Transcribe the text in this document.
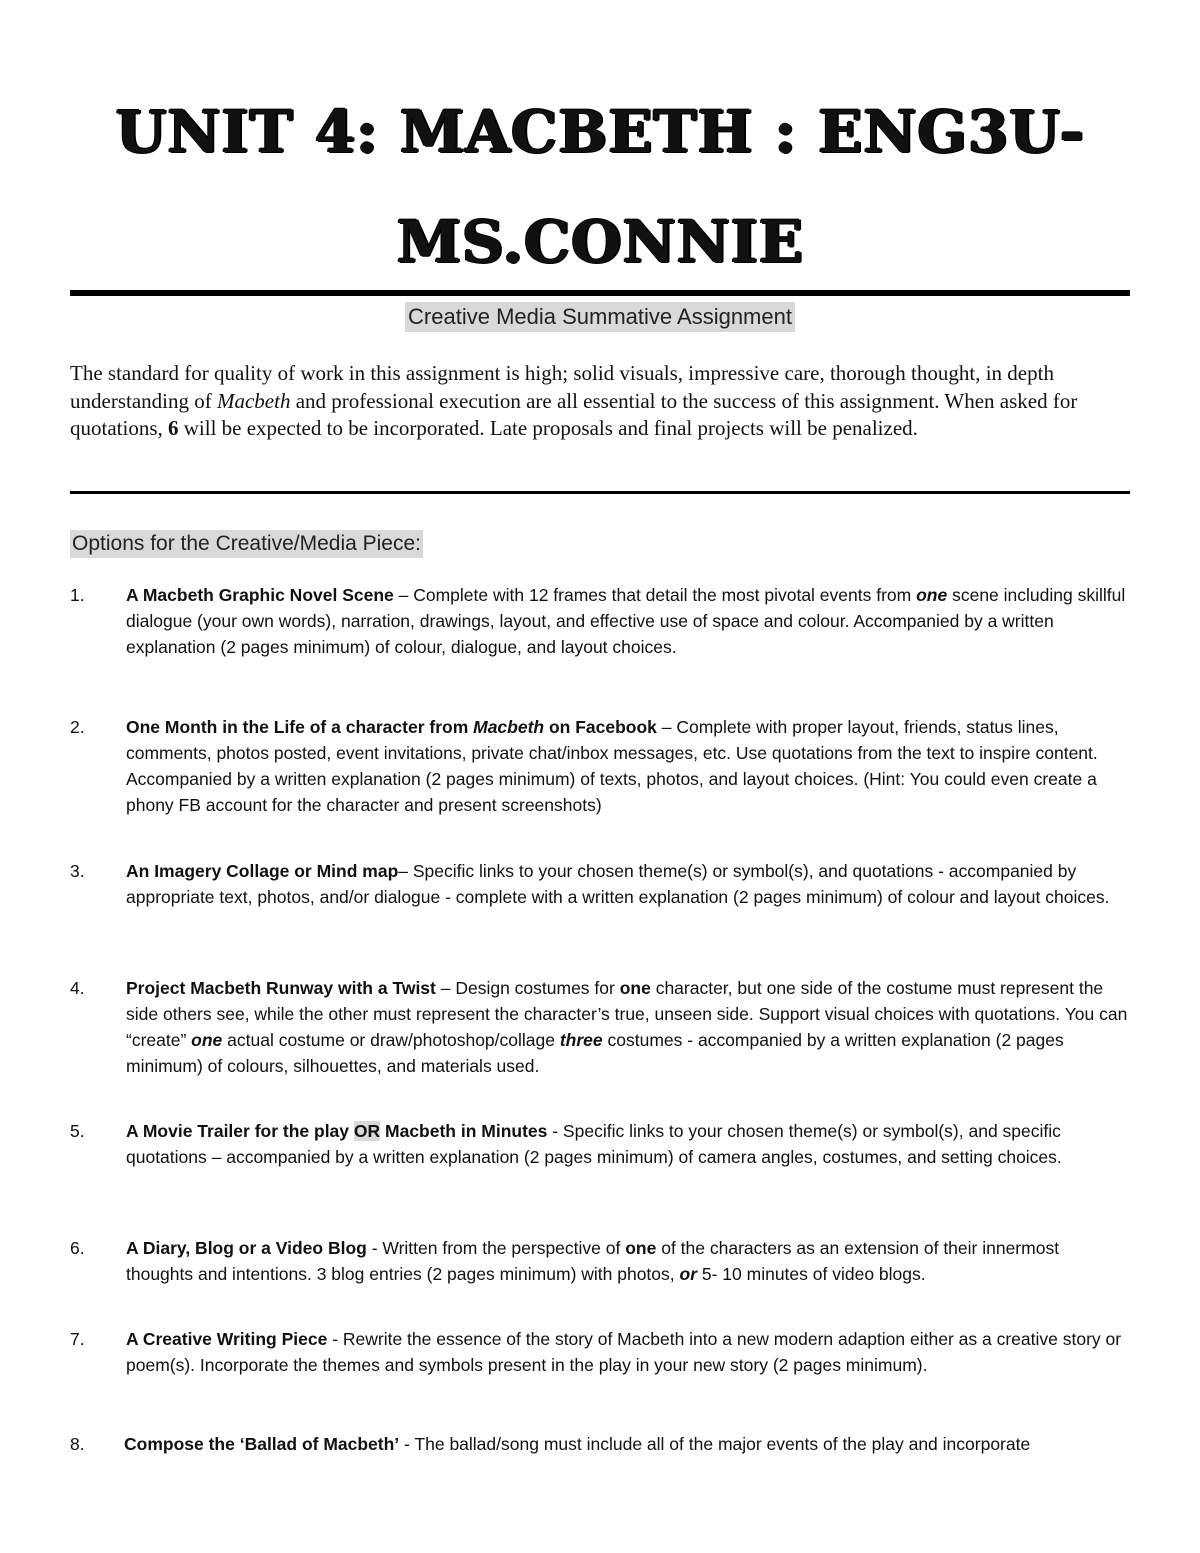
UNIT 4: MACBETH : ENG3U-
MS.CONNIE
Creative Media Summative Assignment

The standard for quality of work in this assignment is high; solid visuals, impressive care, thorough thought, in depth understanding of Macbeth and professional execution are all essential to the success of this assignment. When asked for quotations, 6 will be expected to be incorporated. Late proposals and final projects will be penalized.

Options for the Creative/Media Piece:
1.	A Macbeth Graphic Novel Scene – Complete with 12 frames that detail the most pivotal events from one scene including skillful dialogue (your own words), narration, drawings, layout, and effective use of space and colour. Accompanied by a written explanation (2 pages minimum) of colour, dialogue, and layout choices.
2.	One Month in the Life of a character from Macbeth on Facebook – Complete with proper layout, friends, status lines, comments, photos posted, event invitations, private chat/inbox messages, etc. Use quotations from the text to inspire content. Accompanied by a written explanation (2 pages minimum) of texts, photos, and layout choices. (Hint: You could even create a phony FB account for the character and present screenshots)
3.	An Imagery Collage or Mind map– Specific links to your chosen theme(s) or symbol(s), and quotations - accompanied by appropriate text, photos, and/or dialogue - complete with a written explanation (2 pages minimum) of colour and layout choices.
4.	Project Macbeth Runway with a Twist – Design costumes for one character, but one side of the costume must represent the side others see, while the other must represent the character’s true, unseen side. Support visual choices with quotations. You can “create” one actual costume or draw/photoshop/collage three costumes - accompanied by a written explanation (2 pages minimum) of colours, silhouettes, and materials used.
5.	A Movie Trailer for the play OR Macbeth in Minutes - Specific links to your chosen theme(s) or symbol(s), and specific quotations – accompanied by a written explanation (2 pages minimum) of camera angles, costumes, and setting choices.
6.	A Diary, Blog or a Video Blog - Written from the perspective of one of the characters as an extension of their innermost thoughts and intentions. 3 blog entries (2 pages minimum) with photos, or 5- 10 minutes of video blogs.
7.	A Creative Writing Piece - Rewrite the essence of the story of Macbeth into a new modern adaption either as a creative story or poem(s). Incorporate the themes and symbols present in the play in your new story (2 pages minimum).
8.	Compose the ‘Ballad of Macbeth’ - The ballad/song must include all of the major events of the play and incorporate
